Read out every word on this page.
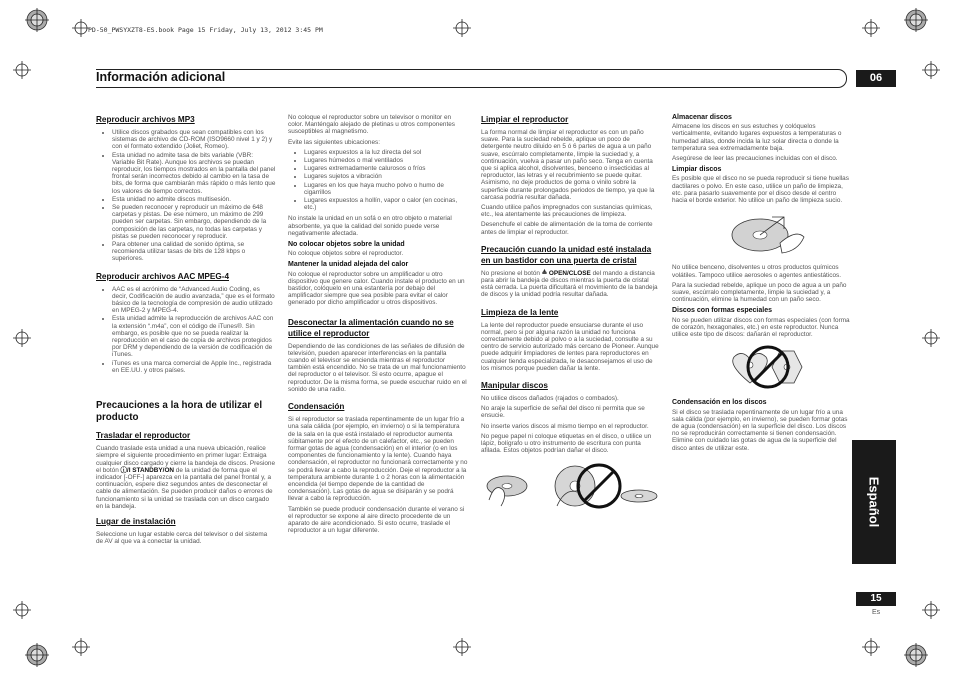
PD-50_PWSYXZT8-ES.book Page 15 Friday, July 13, 2012 3:45 PM
Información adicional	06
Reproducir archivos MP3
• Utilice discos grabados que sean compatibles con los sistemas de archivo de CD-ROM (ISO9660 nivel 1 y 2) y con el formato extendido (Joliet, Romeo).
• Esta unidad no admite tasa de bits variable (VBR: Variable Bit Rate). Aunque los archivos se puedan reproducir, los tiempos mostrados en la pantalla del panel frontal serán incorrectos debido al cambio en la tasa de bits, de forma que cambiarán más rápido o más lento que los valores de tiempo correctos.
• Esta unidad no admite discos multisesión.
• Se pueden reconocer y reproducir un máximo de 648 carpetas y pistas. De ese número, un máximo de 299 pueden ser carpetas. Sin embargo, dependiendo de la composición de las carpetas, no todas las carpetas y pistas se pueden reconocer y reproducir.
• Para obtener una calidad de sonido óptima, se recomienda utilizar tasas de bits de 128 kbps o superiores.
Reproducir archivos AAC MPEG-4
• AAC es el acrónimo de “Advanced Audio Coding, es decir, Codificación de audio avanzada,” que es el formato básico de la tecnología de compresión de audio utilizado en MPEG-2 y MPEG-4.
• Esta unidad admite la reproducción de archivos AAC con la extensión “.m4a”, con el código de iTunes®. Sin embargo, es posible que no se pueda realizar la reproducción en el caso de copia de archivos protegidos por DRM y dependiendo de la versión de codificación de iTunes.
• iTunes es una marca comercial de Apple Inc., registrada en EE.UU. y otros países.
Precauciones a la hora de utilizar el producto
Trasladar el reproductor

Cuando traslade esta unidad a una nueva ubicación, realice siempre el siguiente procedimiento en primer lugar: Extraiga cualquier disco cargado y cierre la bandeja de discos. Presione el botón ⓘ/I STANDBY/ON de la unidad de forma que el indicador [-OFF-] aparezca en la pantalla del panel frontal y, a continuación, espere diez segundos antes de desconectar el cable de alimentación. Se pueden producir daños o errores de funcionamiento si la unidad se traslada con un disco cargado en la bandeja.

Lugar de instalación

Seleccione un lugar estable cerca del televisor o del sistema de AV al que va a conectar la unidad.

No coloque el reproductor sobre un televisor o monitor en color. Manténgalo alejado de pletinas u otros componentes susceptibles al magnetismo.

Evite las siguientes ubicaciones:

• Lugares expuestos a la luz directa del sol
• Lugares húmedos o mal ventilados
• Lugares extremadamente calurosos o fríos
• Lugares sujetos a vibración
• Lugares en los que haya mucho polvo o humo de cigarrillos
• Lugares expuestos a hollín, vapor o calor (en cocinas, etc.)

No instale la unidad en un sofá o en otro objeto o material absorbente, ya que la calidad del sonido puede verse negativamente afectada.

No colocar objetos sobre la unidad

No coloque objetos sobre el reproductor.

Mantener la unidad alejada del calor

No coloque el reproductor sobre un amplificador u otro dispositivo que genere calor. Cuando instale el producto en un bastidor, colóquelo en una estantería por debajo del amplificador siempre que sea posible para evitar el calor generado por dicho amplificador u otros dispositivos.

Desconectar la alimentación cuando no se utilice el reproductor

Dependiendo de las condiciones de las señales de difusión de televisión, pueden aparecer interferencias en la pantalla cuando el televisor se encienda mientras el reproductor también está encendido. No se trata de un mal funcionamiento del reproductor o el televisor. Si esto ocurre, apague el reproductor. De la misma forma, se puede escuchar ruido en el sonido de una radio.

Condensación

Si el reproductor se traslada repentinamente de un lugar frío a una sala cálida (por ejemplo, en invierno) o si la temperatura de la sala en la que está instalado el reproductor aumenta súbitamente por el efecto de un calefactor, etc., se pueden formar gotas de agua (condensación) en el interior (o en los componentes de funcionamiento y la lente). Cuando haya condensación, el reproductor no funcionará correctamente y no se podrá llevar a cabo la reproducción. Deje el reproductor a la temperatura ambiente durante 1 o 2 horas con la alimentación encendida (el tiempo depende de la cantidad de condensación). Las gotas de agua se disiparán y se podrá llevar a cabo la reproducción.

También se puede producir condensación durante el verano si el reproductor se expone al aire directo procedente de un aparato de aire acondicionado. Si esto ocurre, traslade el reproductor a un lugar diferente.

Limpiar el reproductor

La forma normal de limpiar el reproductor es con un paño suave. Para la suciedad rebelde, aplique un poco de detergente neutro diluido en 5 ó 6 partes de agua a un paño suave, escúrralo completamente, limpie la suciedad y, a continuación, vuelva a pasar un paño seco. Tenga en cuenta que si aplica alcohol, disolventes, benceno o insecticidas al reproductor, las letras y el recubrimiento se puede quitar. Asimismo, no deje productos de goma o vinilo sobre la superficie durante prolongados periodos de tiempo, ya que la carcasa podría resultar dañada.

Cuando utilice paños impregnados con sustancias químicas, etc., lea atentamente las precauciones de limpieza.

Desenchufe el cable de alimentación de la toma de corriente antes de limpiar el reproductor.

Precaución cuando la unidad esté instalada en un bastidor con una puerta de cristal

No presione el botón ≜ OPEN/CLOSE del mando a distancia para abrir la bandeja de discos mientras la puerta de cristal está cerrada. La puerta dificultará el movimiento de la bandeja de discos y la unidad podría resultar dañada.

Limpieza de la lente

La lente del reproductor puede ensuciarse durante el uso normal, pero si por alguna razón la unidad no funciona correctamente debido al polvo o a la suciedad, consulte a su centro de servicio autorizado más cercano de Pioneer. Aunque puede adquirir limpiadores de lentes para reproductores en cualquier tienda especializada, le desaconsejamos el uso de los mismos porque pueden dañar la lente.

Manipular discos

No utilice discos dañados (rajados o combados).

No araje la superficie de señal del disco ni permita que se ensucie.

No inserte varios discos al mismo tiempo en el reproductor.

No pegue papel ni coloque etiquetas en el disco, o utilice un lápiz, bolígrafo u otro instrumento de escritura con punta afilada. Estos objetos podrían dañar el disco.

Almacenar discos

Almacene los discos en sus estuches y colóquelos verticalmente, evitando lugares expuestos a temperaturas o humedad altas, donde incida la luz solar directa o donde la temperatura sea extremadamente baja.

Asegúrese de leer las precauciones incluidas con el disco.

Limpiar discos

Es posible que el disco no se pueda reproducir si tiene huellas dactilares o polvo. En este caso, utilice un paño de limpieza, etc. para pasarlo suavemente por el disco desde el centro hacia el borde exterior. No utilice un paño de limpieza sucio.

No utilice benceno, disolventes u otros productos químicos volátiles. Tampoco utilice aerosoles o agentes antiestáticos.

Para la suciedad rebelde, aplique un poco de agua a un paño suave, escúrralo completamente, limpie la suciedad y, a continuación, elimine la humedad con un paño seco.

Discos con formas especiales

No se pueden utilizar discos con formas especiales (con forma de corazón, hexagonales, etc.) en este reproductor. Nunca utilice este tipo de discos: dañarán el reproductor.

Condensación en los discos

Si el disco se traslada repentinamente de un lugar frío a una sala cálida (por ejemplo, en invierno), se pueden formar gotas de agua (condensación) en la superficie del disco. Los discos no se reproducirán correctamente si tienen condensación. Elimine con cuidado las gotas de agua de la superficie del disco antes de utilizar este.

Español
15
Es
